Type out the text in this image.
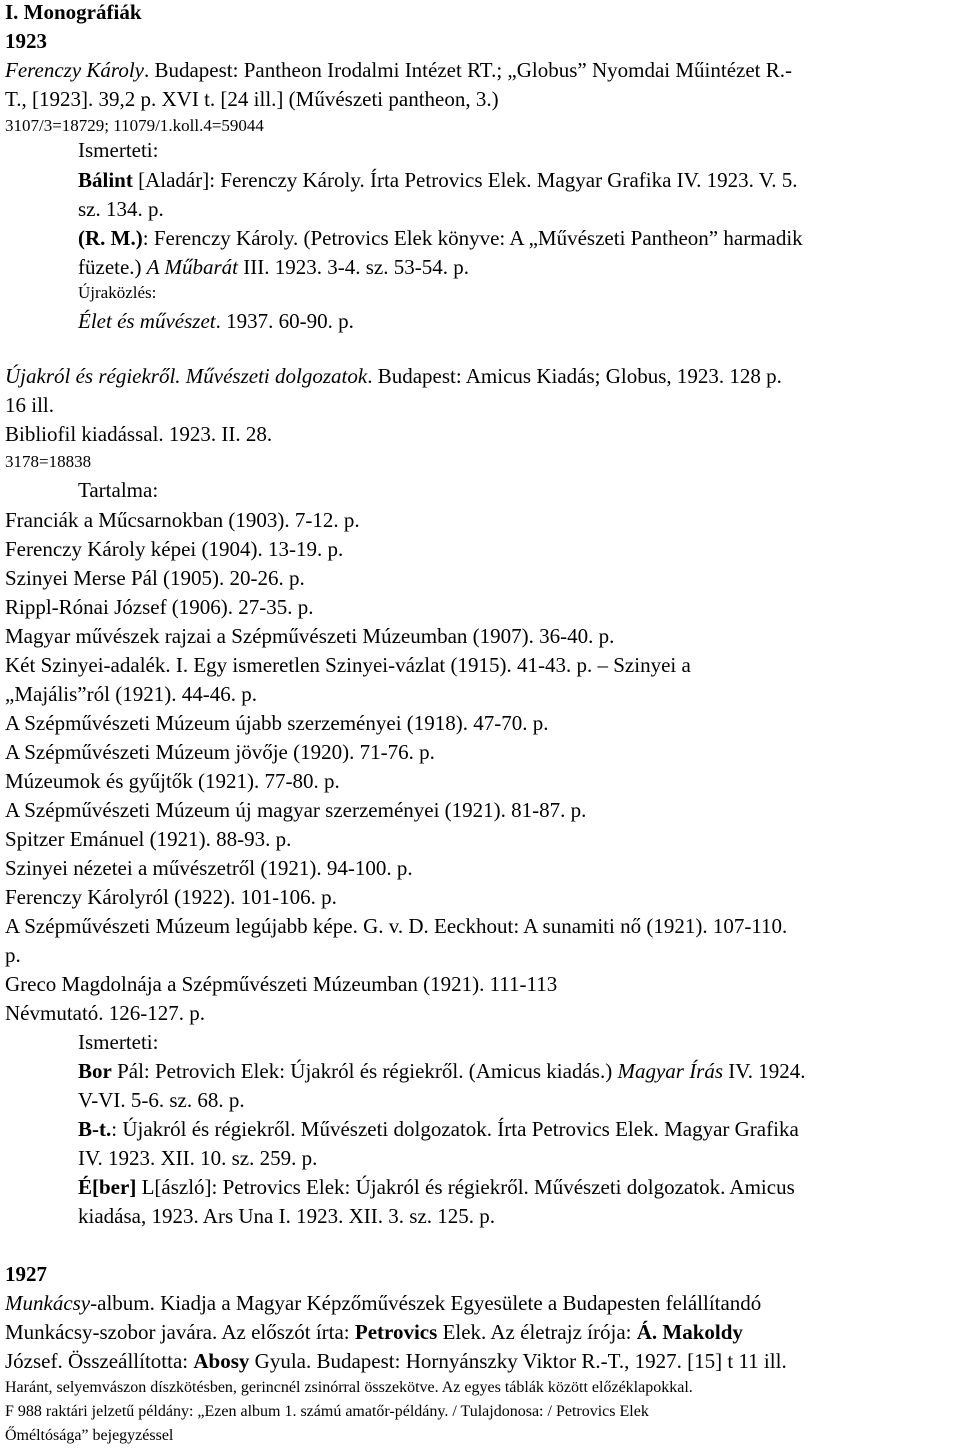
I. Monográfiák
1923
Ferenczy Károly. Budapest: Pantheon Irodalmi Intézet RT.; „Globus” Nyomdai Műintézet R.-
T., [1923]. 39,2 p. XVI t. [24 ill.] (Művészeti pantheon, 3.)
3107/3=18729; 11079/1.koll.4=59044
Ismerteti:
Bálint [Aladár]: Ferenczy Károly. Írta Petrovics Elek. Magyar Grafika IV. 1923. V. 5.
sz. 134. p.
(R. M.): Ferenczy Károly. (Petrovics Elek könyve: A „Művészeti Pantheon” harmadik
füzete.) A Műbarát III. 1923. 3-4. sz. 53-54. p.
Újraközlés:
Élet és művészet. 1937. 60-90. p.
Újakról és régiekről. Művészeti dolgozatok. Budapest: Amicus Kiadás; Globus, 1923. 128 p.
16 ill.
Bibliofil kiadással. 1923. II. 28.
3178=18838
Tartalma:
Franciák a Műcsarnokban (1903). 7-12. p.
Ferenczy Károly képei (1904). 13-19. p.
Szinyei Merse Pál (1905). 20-26. p.
Rippl-Rónai József (1906). 27-35. p.
Magyar művészek rajzai a Szépművészeti Múzeumban (1907). 36-40. p.
Két Szinyei-adalék. I. Egy ismeretlen Szinyei-vázlat (1915). 41-43. p. – Szinyei a
„Majális”ról (1921). 44-46. p.
A Szépművészeti Múzeum újabb szerzeményei (1918). 47-70. p.
A Szépművészeti Múzeum jövője (1920). 71-76. p.
Múzeumok és gyűjtők (1921). 77-80. p.
A Szépművészeti Múzeum új magyar szerzeményei (1921). 81-87. p.
Spitzer Emánuel (1921). 88-93. p.
Szinyei nézetei a művészetről (1921). 94-100. p.
Ferenczy Károlyról (1922). 101-106. p.
A Szépművészeti Múzeum legújabb képe. G. v. D. Eeckhout: A sunamiti nő (1921). 107-110.
p.
Greco Magdolnája a Szépművészeti Múzeumban (1921). 111-113
Névmutató. 126-127. p.
Ismerteti:
Bor Pál: Petrovich Elek: Újakról és régiekről. (Amicus kiadás.) Magyar Írás IV. 1924.
V-VI. 5-6. sz. 68. p.
B-t.: Újakról és régiekről. Művészeti dolgozatok. Írta Petrovics Elek. Magyar Grafika
IV. 1923. XII. 10. sz. 259. p.
É[ber] L[ászló]: Petrovics Elek: Újakról és régiekről. Művészeti dolgozatok. Amicus
kiadása, 1923. Ars Una I. 1923. XII. 3. sz. 125. p.
1927
Munkácsy-album. Kiadja a Magyar Képzőművészek Egyesülete a Budapesten felállítandó
Munkácsy-szobor javára. Az előszót írta: Petrovics Elek. Az életrajz írója: Á. Makoldy
József. Összeállította: Abosy Gyula. Budapest: Hornyánszky Viktor R.-T., 1927. [15] t 11 ill.
Haránt, selyemvászon díszkötésben, gerincnél zsinórral összekötve. Az egyes táblák között előzéklapokkal.
F 988 raktári jelzetű példány: „Ezen album 1. számú amatőr-példány. / Tulajdonosa: / Petrovics Elek
Őméltósága” bejegyzéssel
